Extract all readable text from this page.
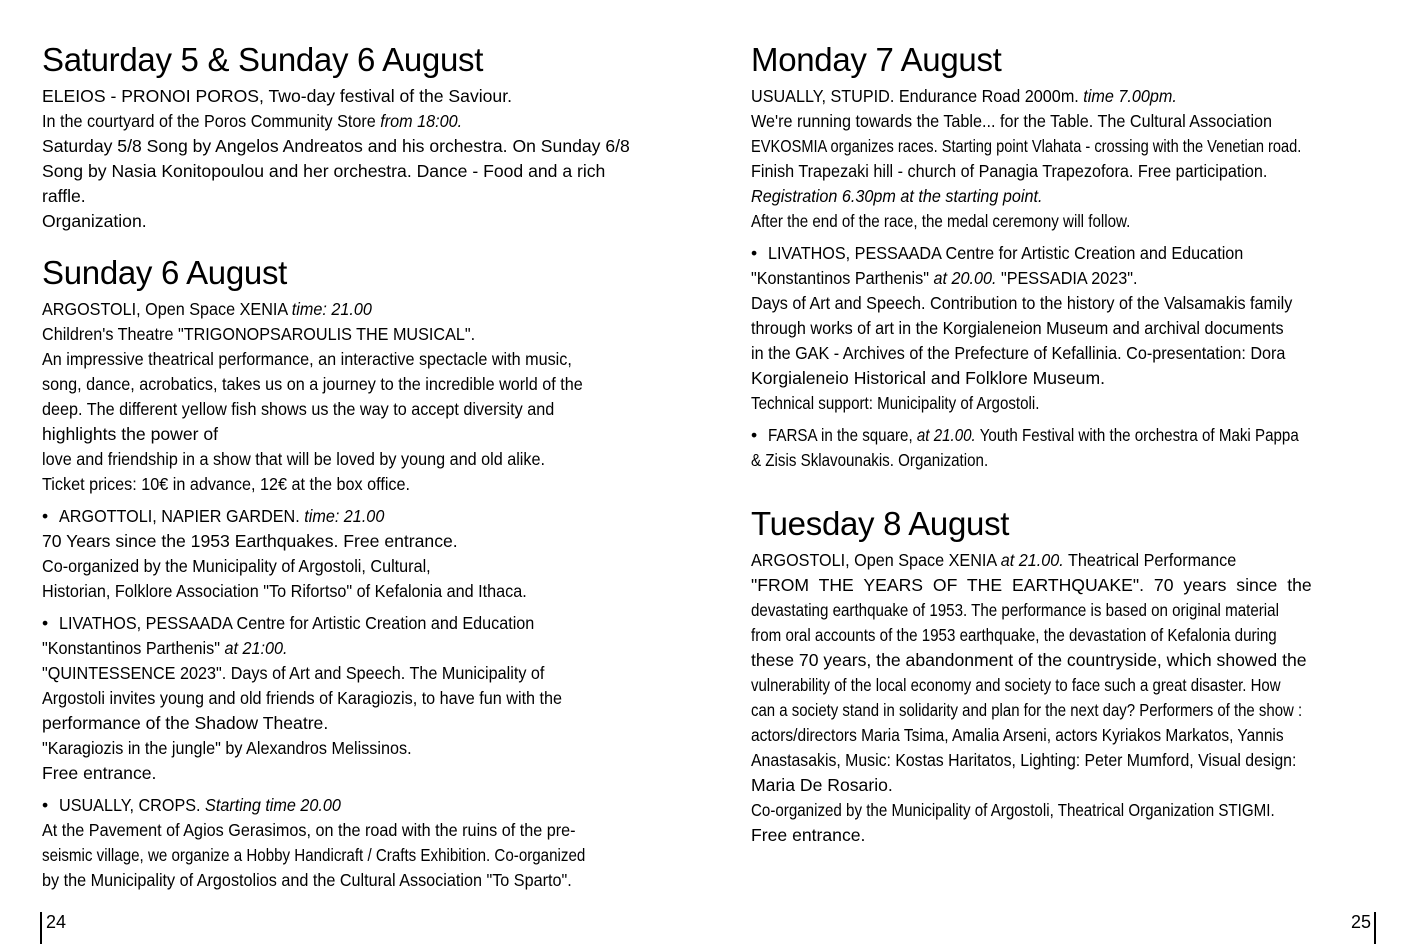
Saturday 5 & Sunday 6 August
ELEIOS - PRONOI POROS, Two-day festival of the Saviour.
In the courtyard of the Poros Community Store from 18:00.
Saturday 5/8 Song by Angelos Andreatos and his orchestra. On Sunday 6/8
Song by Nasia Konitopoulou and her orchestra. Dance - Food and a rich
raffle.
Organization.
Sunday 6 August
ARGOSTOLI, Open Space XENIA time: 21.00
Children's Theatre "TRIGONOPSAROULIS THE MUSICAL".
An impressive theatrical performance, an interactive spectacle with music,
song, dance, acrobatics, takes us on a journey to the incredible world of the
deep. The different yellow fish shows us the way to accept diversity and
highlights the power of
love and friendship in a show that will be loved by young and old alike.
Ticket prices: 10€ in advance, 12€ at the box office.
• ARGOTTOLI, NAPIER GARDEN. time: 21.00
70 Years since the 1953 Earthquakes. Free entrance.
Co-organized by the Municipality of Argostoli, Cultural,
Historian, Folklore Association "To Rifortso" of Kefalonia and Ithaca.
• LIVATHOS, PESSAADA Centre for Artistic Creation and Education
"Konstantinos Parthenis" at 21:00.
"QUINTESSENCE 2023". Days of Art and Speech. The Municipality of
Argostoli invites young and old friends of Karagiozis, to have fun with the
performance of the Shadow Theatre.
"Karagiozis in the jungle" by Alexandros Melissinos.
Free entrance.
• USUALLY, CROPS. Starting time 20.00
At the Pavement of Agios Gerasimos, on the road with the ruins of the pre-
seismic village, we organize a Hobby Handicraft / Crafts Exhibition. Co-organized
by the Municipality of Argostolios and the Cultural Association "To Sparto".
Monday 7 August
USUALLY, STUPID. Endurance Road 2000m. time 7.00pm.
We're running towards the Table... for the Table. The Cultural Association
EVKOSMIA organizes races. Starting point Vlahata - crossing with the Venetian road.
Finish Trapezaki hill - church of Panagia Trapezofora. Free participation.
Registration 6.30pm at the starting point.
After the end of the race, the medal ceremony will follow.
• LIVATHOS, PESSAADA Centre for Artistic Creation and Education
"Konstantinos Parthenis" at 20.00. "PESSADIA 2023".
Days of Art and Speech. Contribution to the history of the Valsamakis family
through works of art in the Korgialeneion Museum and archival documents
in the GAK - Archives of the Prefecture of Kefallinia. Co-presentation: Dora
Korgialeneio Historical and Folklore Museum.
Technical support: Municipality of Argostoli.
• FARSA in the square, at 21.00. Youth Festival with the orchestra of Maki Pappa
& Zisis Sklavounakis. Organization.
Tuesday 8 August
ARGOSTOLI, Open Space XENIA at 21.00. Theatrical Performance
"FROM THE YEARS OF THE EARTHQUAKE". 70 years since the
devastating earthquake of 1953. The performance is based on original material
from oral accounts of the 1953 earthquake, the devastation of Kefalonia during
these 70 years, the abandonment of the countryside, which showed the
vulnerability of the local economy and society to face such a great disaster. How
can a society stand in solidarity and plan for the next day? Performers of the show :
actors/directors Maria Tsima, Amalia Arseni, actors Kyriakos Markatos, Yannis
Anastasakis, Music: Kostas Haritatos, Lighting: Peter Mumford, Visual design:
Maria De Rosario.
Co-organized by the Municipality of Argostoli, Theatrical Organization STIGMI.
Free entrance.
24	25
